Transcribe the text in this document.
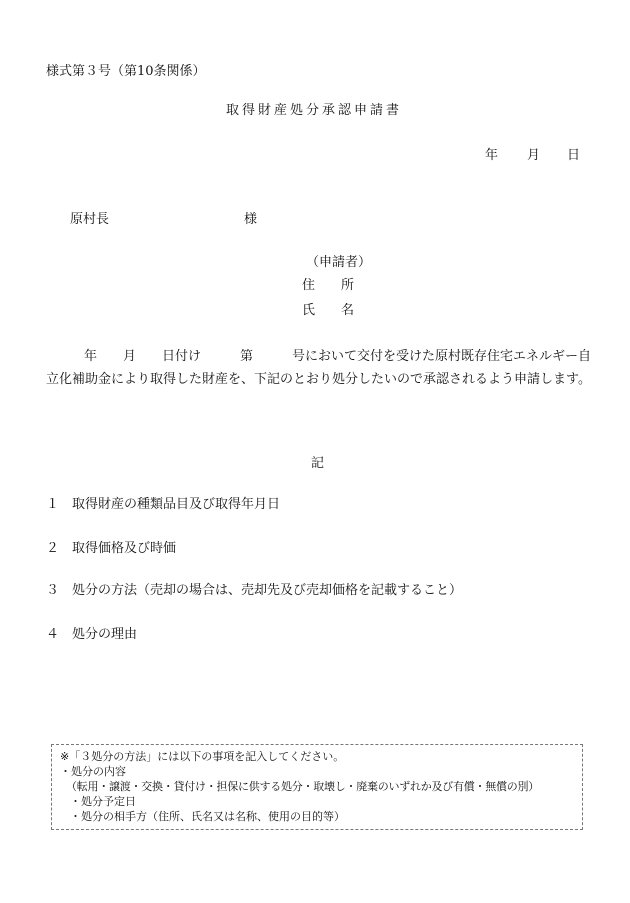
様式第３号（第10条関係）
取得財産処分承認申請書
年 月 日
原村長	様
（申請者）
住　　所
氏　　名
年　　月　　日付け　　　第　　　号において交付を受けた原村既存住宅エネルギー自立化補助金により取得した財産を、下記のとおり処分したいので承認されるよう申請します。
記
１ 取得財産の種類品目及び取得年月日
２ 取得価格及び時価
３ 処分の方法（売却の場合は、売却先及び売却価格を記載すること）
４ 処分の理由
※「３処分の方法」には以下の事項を記入してください。
・処分の内容
（転用・譲渡・交換・貸付け・担保に供する処分・取壊し・廃棄のいずれか及び有償・無償の別）
・処分予定日
・処分の相手方（住所、氏名又は名称、使用の目的等）
